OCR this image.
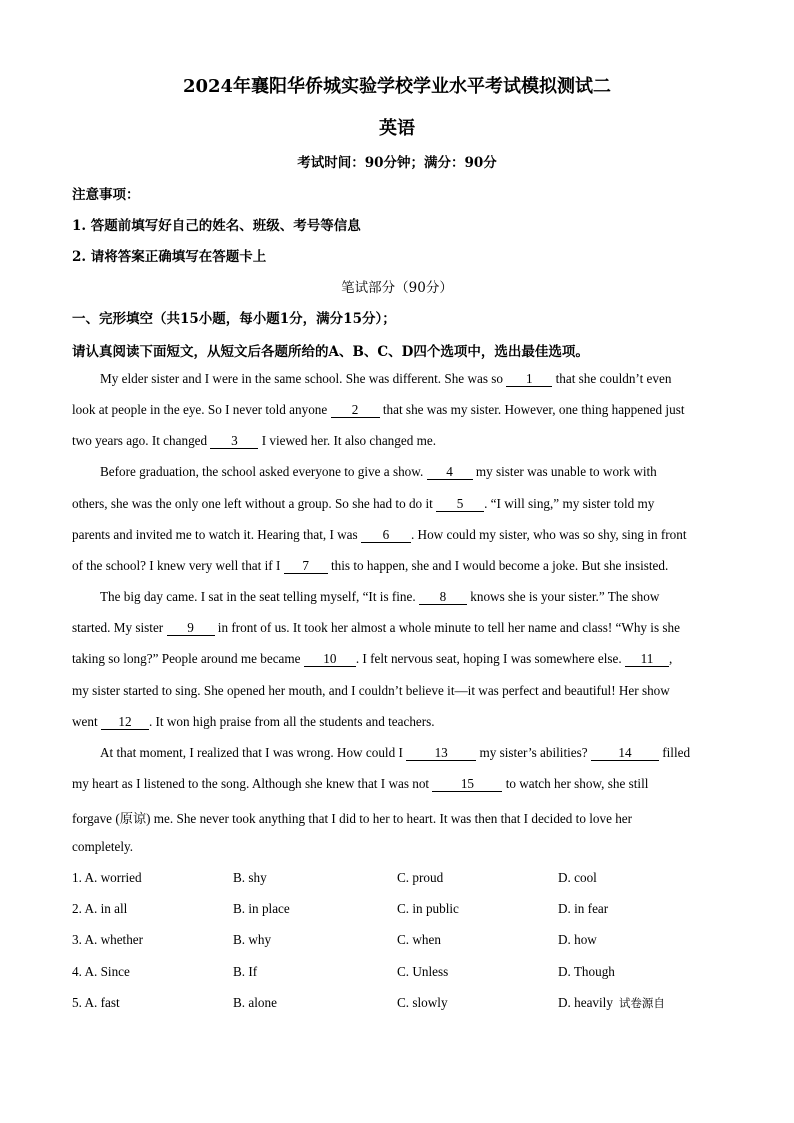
2024年襄阳华侨城实验学校学业水平考试模拟测试二
英语
考试时间：90分钟；满分：90分
注意事项：
1. 答题前填写好自己的姓名、班级、考号等信息
2. 请将答案正确填写在答题卡上
笔试部分（90分）
一、完形填空（共15小题，每小题1分，满分15分）；
请认真阅读下面短文，从短文后各题所给的A、B、C、D四个选项中，选出最佳选项。
My elder sister and I were in the same school. She was different. She was so 1 that she couldn’t even
look at people in the eye. So I never told anyone 2 that she was my sister. However, one thing happened just
two years ago. It changed 3 I viewed her. It also changed me.
Before graduation, the school asked everyone to give a show. 4 my sister was unable to work with
others, she was the only one left without a group. So she had to do it 5 . “I will sing,” my sister told my
parents and invited me to watch it. Hearing that, I was 6 . How could my sister, who was so shy, sing in front
of the school? I knew very well that if I 7 this to happen, she and I would become a joke. But she insisted.
The big day came. I sat in the seat telling myself, “It is fine. 8 knows she is your sister.” The show
started. My sister 9 in front of us. It took her almost a whole minute to tell her name and class! “Why is she
taking so long?” People around me became 10 . I felt nervous seat, hoping I was somewhere else. 11 ,
my sister started to sing. She opened her mouth, and I couldn’t believe it—it was perfect and beautiful! Her show
went 12 . It won high praise from all the students and teachers.
At that moment, I realized that I was wrong. How could I 13 my sister’s abilities? 14 filled
my heart as I listened to the song. Although she knew that I was not 15 to watch her show, she still
forgave (原谅) me. She never took anything that I did to her to heart. It was then that I decided to love her
completely.
1. A. worried	B. shy	C. proud	D. cool
2. A. in all	B. in place	C. in public	D. in fear
3. A. whether	B. why	C. when	D. how
4. A. Since	B. If	C. Unless	D. Though
5. A. fast	B. alone	C. slowly	D. heavily 试卷源自
